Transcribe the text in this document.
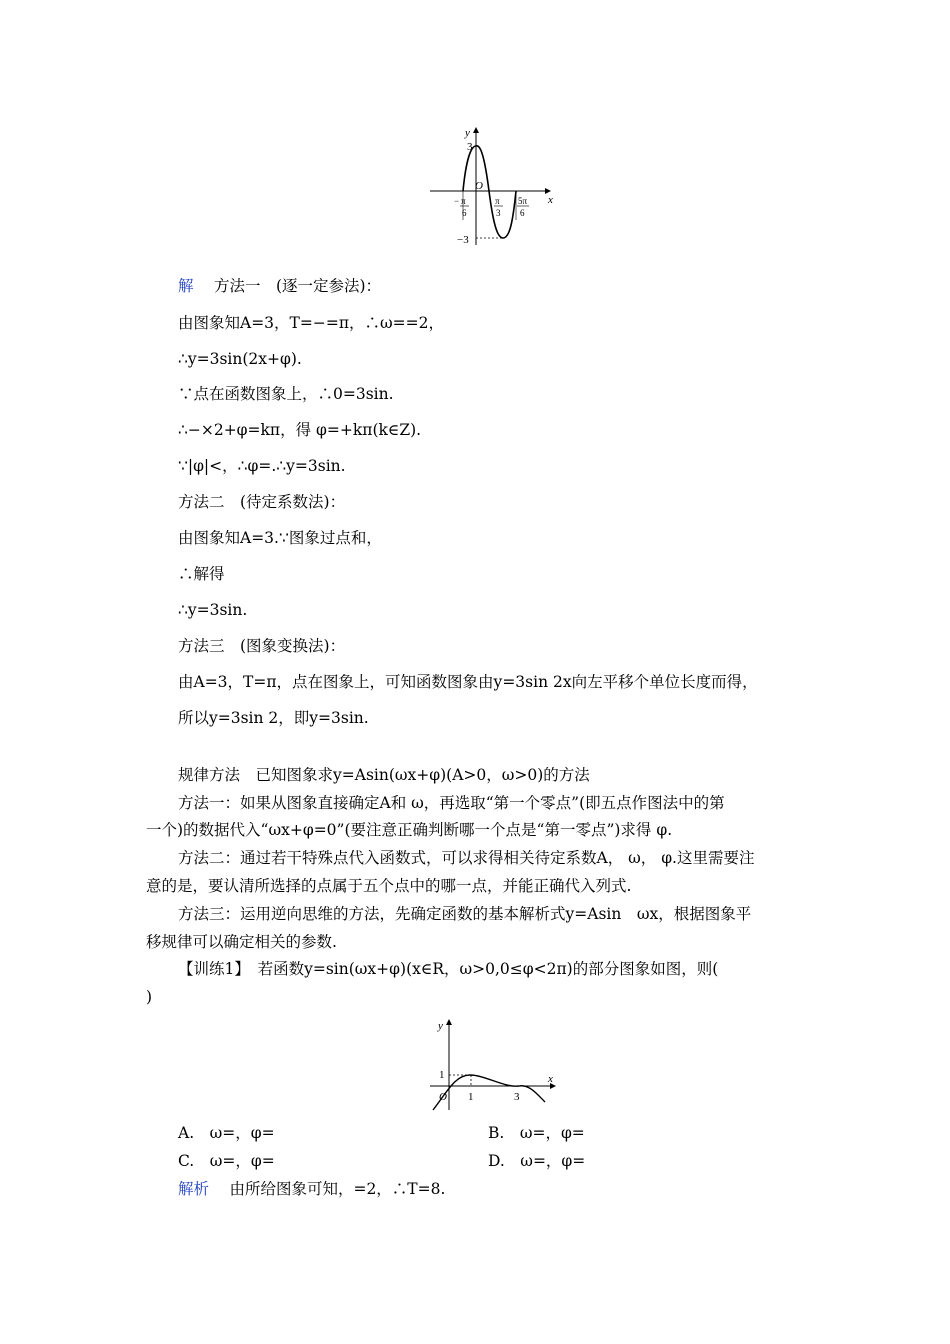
y
x
3
−3
O
− π
6
π
3
5π
6
解　 方法一　(逐一定参法)：
由图象知A=3，T=−=π，∴ω==2，
∴y=3sin(2x+φ).
∵点在函数图象上，∴0=3sin.
∴−×2+φ=kπ，得 φ=+kπ(k∈Z).
∵|φ|<，∴φ=.∴y=3sin.
方法二　(待定系数法)：
由图象知A=3.∵图象过点和，
∴解得
∴y=3sin.
方法三　(图象变换法)：
由A=3，T=π，点在图象上，可知函数图象由y=3sin 2x向左平移个单位长度而得，
所以y=3sin 2，即y=3sin.
规律方法　已知图象求y=Asin(ωx+φ)(A>0，ω>0)的方法
方法一：如果从图象直接确定A和 ω，再选取“第一个零点”(即五点作图法中的第
一个)的数据代入“ωx+φ=0”(要注意正确判断哪一个点是“第一零点”)求得 φ.
方法二：通过若干特殊点代入函数式，可以求得相关待定系数A， ω， φ.这里需要注
意的是，要认清所选择的点属于五个点中的哪一点，并能正确代入列式.
方法三：运用逆向思维的方法，先确定函数的基本解析式y=Asin　ωx，根据图象平
移规律可以确定相关的参数.
【训练1】　若函数y=sin(ωx+φ)(x∈R，ω>0,0≤φ<2π)的部分图象如图，则(
)
y
x
1
O 1	3
A.　ω=，φ=	B.　ω=，φ=
C.　ω=，φ=	D.　ω=，φ=
解析　 由所给图象可知，=2，∴T=8.
